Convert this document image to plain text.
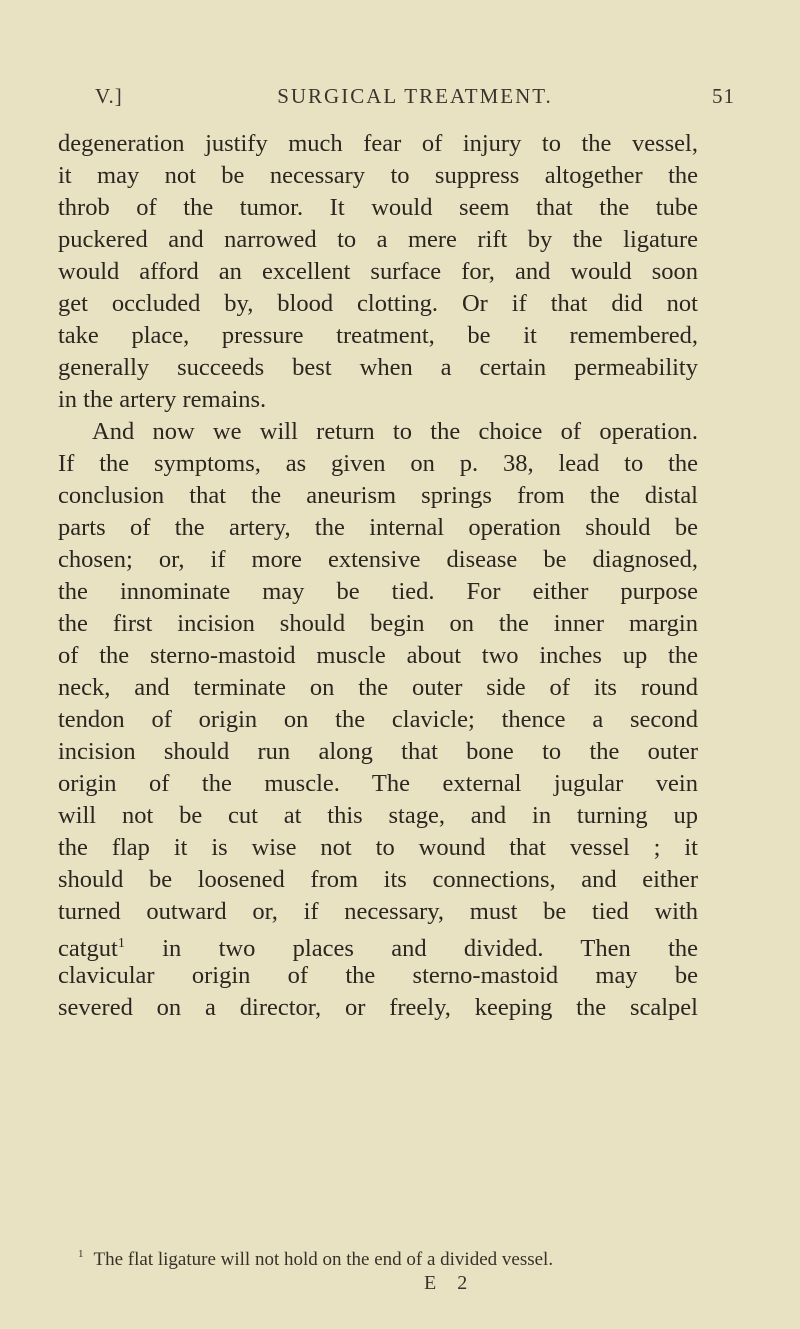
V.]	SURGICAL TREATMENT.	51
degeneration justify much fear of injury to the vessel,
it may not be necessary to suppress altogether the
throb of the tumor. It would seem that the tube
puckered and narrowed to a mere rift by the ligature
would afford an excellent surface for, and would soon
get occluded by, blood clotting. Or if that did not
take place, pressure treatment, be it remembered,
generally succeeds best when a certain permeability
in the artery remains.
And now we will return to the choice of operation.
If the symptoms, as given on p. 38, lead to the
conclusion that the aneurism springs from the distal
parts of the artery, the internal operation should be
chosen; or, if more extensive disease be diagnosed,
the innominate may be tied. For either purpose
the first incision should begin on the inner margin
of the sterno-mastoid muscle about two inches up the
neck, and terminate on the outer side of its round
tendon of origin on the clavicle; thence a second
incision should run along that bone to the outer
origin of the muscle. The external jugular vein
will not be cut at this stage, and in turning up
the flap it is wise not to wound that vessel ; it
should be loosened from its connections, and either
turned outward or, if necessary, must be tied with
catgut$^1$ in two places and divided. Then the
clavicular origin of the sterno-mastoid may be
severed on a director, or freely, keeping the scalpel
$^1$ The flat ligature will not hold on the end of a divided vessel.
E 2
